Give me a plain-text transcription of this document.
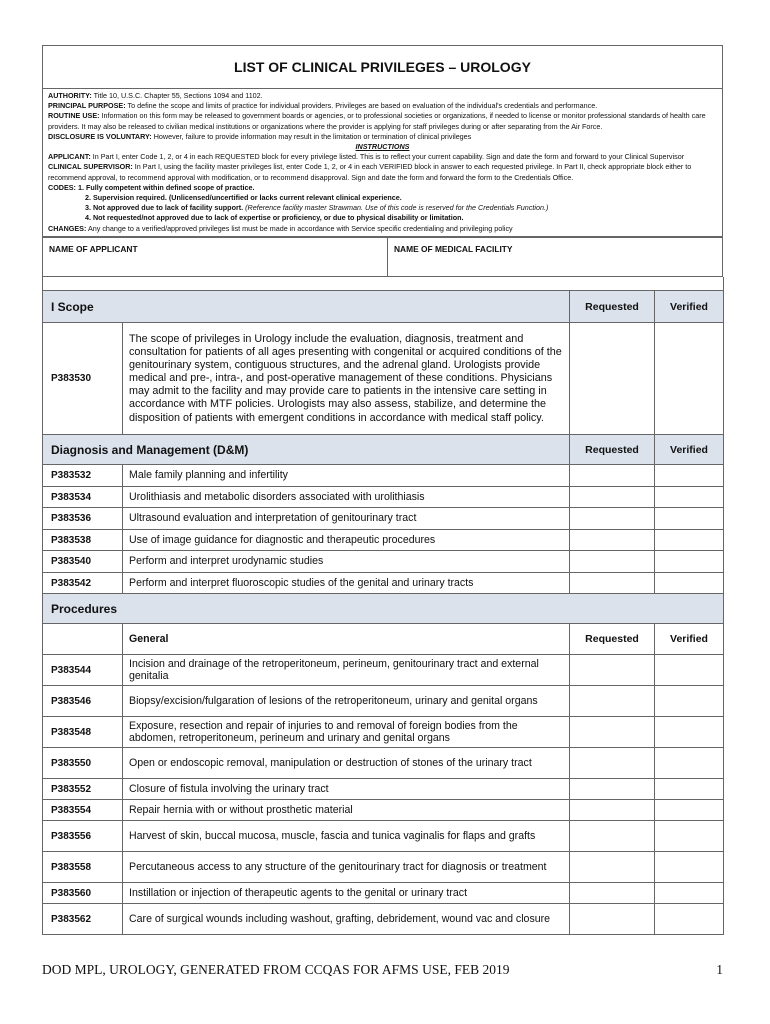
LIST OF CLINICAL PRIVILEGES – UROLOGY
AUTHORITY: Title 10, U.S.C. Chapter 55, Sections 1094 and 1102.
PRINCIPAL PURPOSE: To define the scope and limits of practice for individual providers. Privileges are based on evaluation of the individual’s credentials and performance.
ROUTINE USE: Information on this form may be released to government boards or agencies, or to professional societies or organizations, if needed to license or monitor professional standards of health care providers. It may also be released to civilian medical institutions or organizations where the provider is applying for staff privileges during or after separating from the Air Force.
DISCLOSURE IS VOLUNTARY: However, failure to provide information may result in the limitation or termination of clinical privileges
INSTRUCTIONS
APPLICANT: In Part I, enter Code 1, 2, or 4 in each REQUESTED block for every privilege listed. This is to reflect your current capability. Sign and date the form and forward to your Clinical Supervisor
CLINICAL SUPERVISOR: In Part I, using the facility master privileges list, enter Code 1, 2, or 4 in each VERIFIED block in answer to each requested privilege. In Part II, check appropriate block either to recommend approval, to recommend approval with modification, or to recommend disapproval. Sign and date the form and forward the form to the Credentials Office.
CODES: 1. Fully competent within defined scope of practice.
2. Supervision required. (Unlicensed/uncertified or lacks current relevant clinical experience.
3. Not approved due to lack of facility support. (Reference facility master Strawman. Use of this code is reserved for the Credentials Function.)
4. Not requested/not approved due to lack of expertise or proficiency, or due to physical disability or limitation.
CHANGES: Any change to a verified/approved privileges list must be made in accordance with Service specific credentialing and privileging policy
NAME OF APPLICANT	NAME OF MEDICAL FACILITY

I Scope		Requested	Verified
P383530	The scope of privileges in Urology include the evaluation, diagnosis, treatment and consultation for patients of all ages presenting with congenital or acquired conditions of the genitourinary system, contiguous structures, and the adrenal gland. Urologists provide medical and pre-, intra-, and post-operative management of these conditions. Physicians may admit to the facility and may provide care to patients in the intensive care setting in accordance with MTF policies. Urologists may also assess, stabilize, and determine the disposition of patients with emergent conditions in accordance with medical staff policy.		
Diagnosis and Management (D&M)		Requested	Verified
P383532	Male family planning and infertility		
P383534	Urolithiasis and metabolic disorders associated with urolithiasis		
P383536	Ultrasound evaluation and interpretation of genitourinary tract		
P383538	Use of image guidance for diagnostic and therapeutic procedures		
P383540	Perform and interpret urodynamic studies		
P383542	Perform and interpret fluoroscopic studies of the genital and urinary tracts		
Procedures			
	General	Requested	Verified
P383544	Incision and drainage of the retroperitoneum, perineum, genitourinary tract and external genitalia		
P383546	Biopsy/excision/fulgaration of lesions of the retroperitoneum, urinary and genital organs		
P383548	Exposure, resection and repair of injuries to and removal of foreign bodies from the abdomen, retroperitoneum, perineum and urinary and genital organs		
P383550	Open or endoscopic removal, manipulation or destruction of stones of the urinary tract		
P383552	Closure of fistula involving the urinary tract		
P383554	Repair hernia with or without prosthetic material		
P383556	Harvest of skin, buccal mucosa, muscle, fascia and tunica vaginalis for flaps and grafts		
P383558	Percutaneous access to any structure of the genitourinary tract for diagnosis or treatment		
P383560	Instillation or injection of therapeutic agents to the genital or urinary tract		
P383562	Care of surgical wounds including washout, grafting, debridement, wound vac and closure		
DOD MPL, UROLOGY, GENERATED FROM CCQAS FOR AFMS USE, FEB 2019	1
